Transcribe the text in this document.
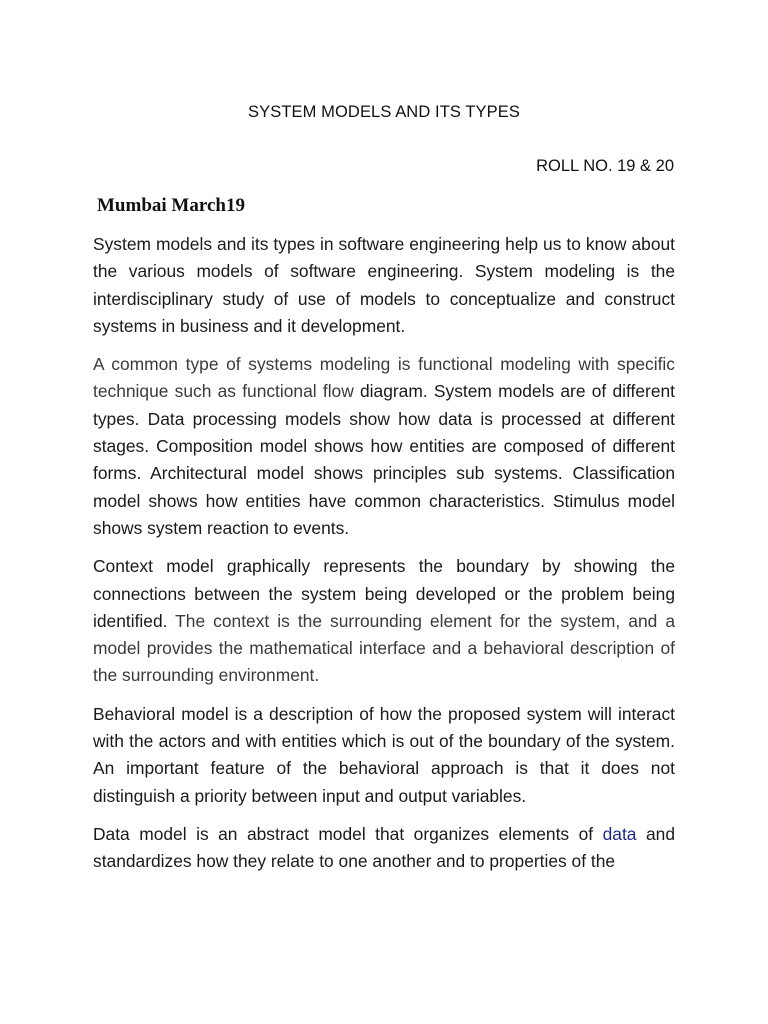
SYSTEM MODELS AND ITS TYPES
ROLL NO. 19 & 20
Mumbai March19

System models and its types in software engineering help us to know about the various models of software engineering. System modeling is the interdisciplinary study of use of models to conceptualize and construct systems in business and it development.

A common type of systems modeling is functional modeling with specific technique such as functional flow diagram. System models are of different types. Data processing models show how data is processed at different stages. Composition model shows how entities are composed of different forms. Architectural model shows principles sub systems. Classification model shows how entities have common characteristics. Stimulus model shows system reaction to events.

Context model graphically represents the boundary by showing the connections between the system being developed or the problem being identified. The context is the surrounding element for the system, and a model provides the mathematical interface and a behavioral description of the surrounding environment.

Behavioral model is a description of how the proposed system will interact with the actors and with entities which is out of the boundary of the system. An important feature of the behavioral approach is that it does not distinguish a priority between input and output variables.

Data model is an abstract model that organizes elements of data and standardizes how they relate to one another and to properties of the
